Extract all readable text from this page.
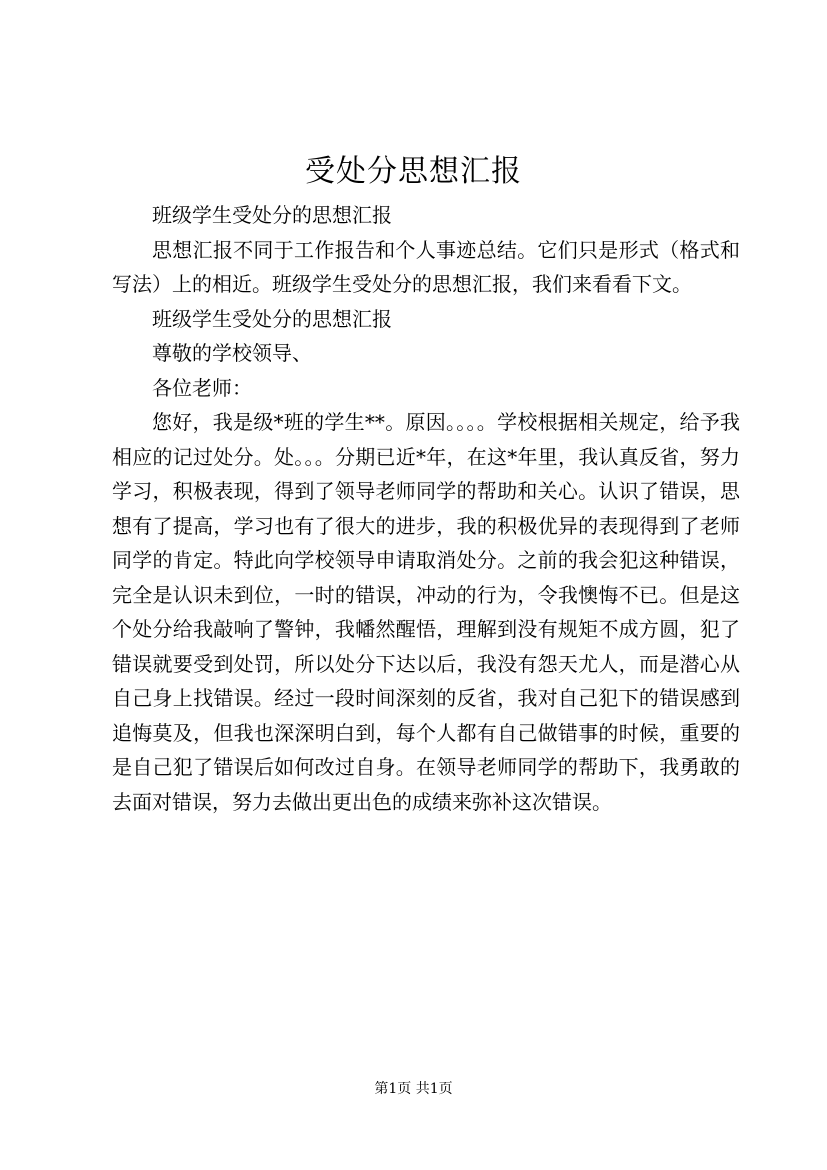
受处分思想汇报

班级学生受处分的思想汇报

思想汇报不同于工作报告和个人事迹总结。它们只是形式（格式和写法）上的相近。班级学生受处分的思想汇报，我们来看看下文。

班级学生受处分的思想汇报

尊敬的学校领导、

各位老师：

您好，我是级*班的学生**。原因。。。。学校根据相关规定，给予我相应的记过处分。处。。。分期已近*年，在这*年里，我认真反省，努力学习，积极表现，得到了领导老师同学的帮助和关心。认识了错误，思想有了提高，学习也有了很大的进步，我的积极优异的表现得到了老师同学的肯定。特此向学校领导申请取消处分。之前的我会犯这种错误，完全是认识未到位，一时的错误，冲动的行为，令我懊悔不已。但是这个处分给我敲响了警钟，我幡然醒悟，理解到没有规矩不成方圆，犯了错误就要受到处罚，所以处分下达以后，我没有怨天尤人，而是潜心从自己身上找错误。经过一段时间深刻的反省，我对自己犯下的错误感到追悔莫及，但我也深深明白到，每个人都有自己做错事的时候，重要的是自己犯了错误后如何改过自身。在领导老师同学的帮助下，我勇敢的去面对错误，努力去做出更出色的成绩来弥补这次错误。

第1页 共1页
